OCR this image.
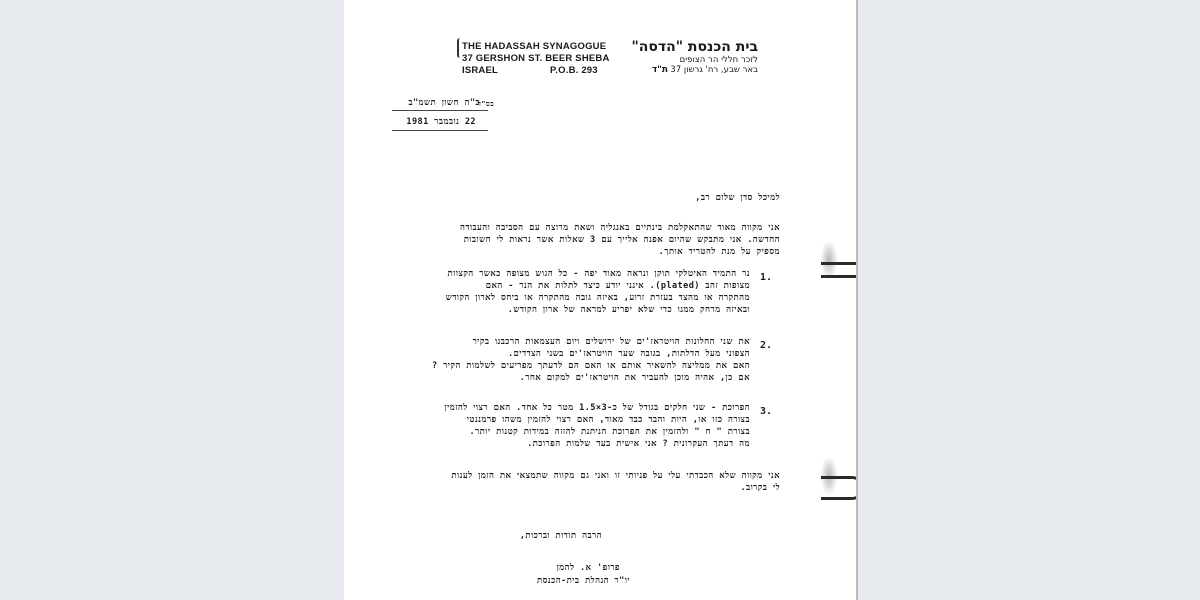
THE HADASSAH SYNAGOGUE
37 GERSHON ST. BEER SHEBA
ISRAEL	P.O.B. 293	ת"ד
בית הכנסת "הדסה"
לזכר חללי הר הצופים
באר שבע, רח' גרשון 37
בס"ד
כ"ה חשון תשמ"ב
22 נובמבר 1981
למיכל סדן שלום רב,
אני מקווה מאוד שהתאקלמת בינתיים באנגליה ושאת מרוצה עם הסביבה והעבודה
החדשה. אני מתבקש שהיום אפנה אלייך עם 3 שאלות אשר נראות לי חשובות
מספיק על מנת להטריד אותך.
1.
נר התמיד האיטלקי תוקן ונראה מאוד יפה - כל הגוש מצופה כאשר הקצוות
מצופות זהב (plated). אינני יודע כיצד לתלות את הנר - האם
מהתקרה או מהצד בעזרת זרוע, באיזה גובה מהתקרה או ביחס לארון הקודש
ובאיזה מרחק ממנו כדי שלא יפריע למראה של ארון הקודש.
2.
את שני החלונות הויטראז'ים של ירושלים ויום העצמאות הרכבנו בקיר
הצפוני מעל הדלתות, בגובה שער הויטראז'ים בשני הצדדים.
האם את ממליצה להשאיר אותם או האם הם לדעתך מפריעים לשלמות הקיר ?
אם כן, אהיה מוכן להעביר את הויטראז'ים למקום אחר.
3.
הפרוכת - שני חלקים בגודל של כ-3×1.5 מטר כל אחד. האם רצוי להזמין
בצורה כזו או, היות והבד כבד מאוד, האם רצוי להזמין משהו פרמננטי
בצורת " ח " ולהזמין את הפרוכת הניתנת להזזה במידות קטנות יותר.
מה דעתך העקרונית ? אני אישית בעד שלמות הפרוכת.
אני מקווה שלא הכבדתי עלי על פניותי זו ואני גם מקווה שתמצאי את הזמן לענות
לי בקרוב.
הרבה תודות וברכות,
פרופ' א. להמן
יו"ר הנהלת בית-הכנסת
